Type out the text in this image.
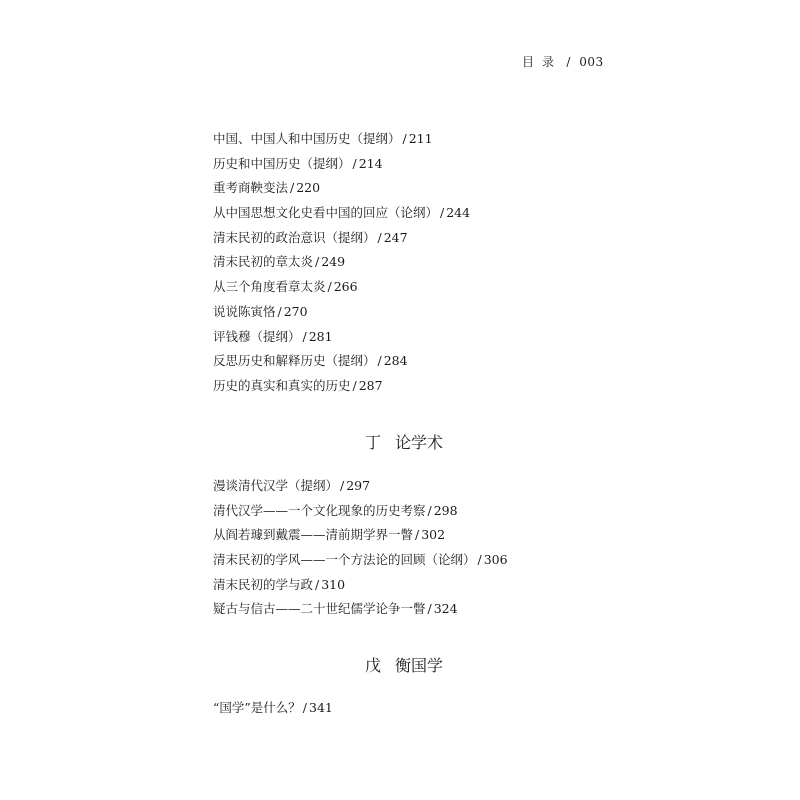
目录 / 003
中国、中国人和中国历史（提纲） / 211
历史和中国历史（提纲） / 214
重考商鞅变法 / 220
从中国思想文化史看中国的回应（论纲） / 244
清末民初的政治意识（提纲） / 247
清末民初的章太炎 / 249
从三个角度看章太炎 / 266
说说陈寅恪 / 270
评钱穆（提纲） / 281
反思历史和解释历史（提纲） / 284
历史的真实和真实的历史 / 287
丁 论学术
漫谈清代汉学（提纲） / 297
清代汉学——一个文化现象的历史考察 / 298
从阎若璩到戴震——清前期学界一瞥 / 302
清末民初的学风——一个方法论的回顾（论纲） / 306
清末民初的学与政 / 310
疑古与信古——二十世纪儒学论争一瞥 / 324
戊 衡国学
“国学”是什么？ / 341
